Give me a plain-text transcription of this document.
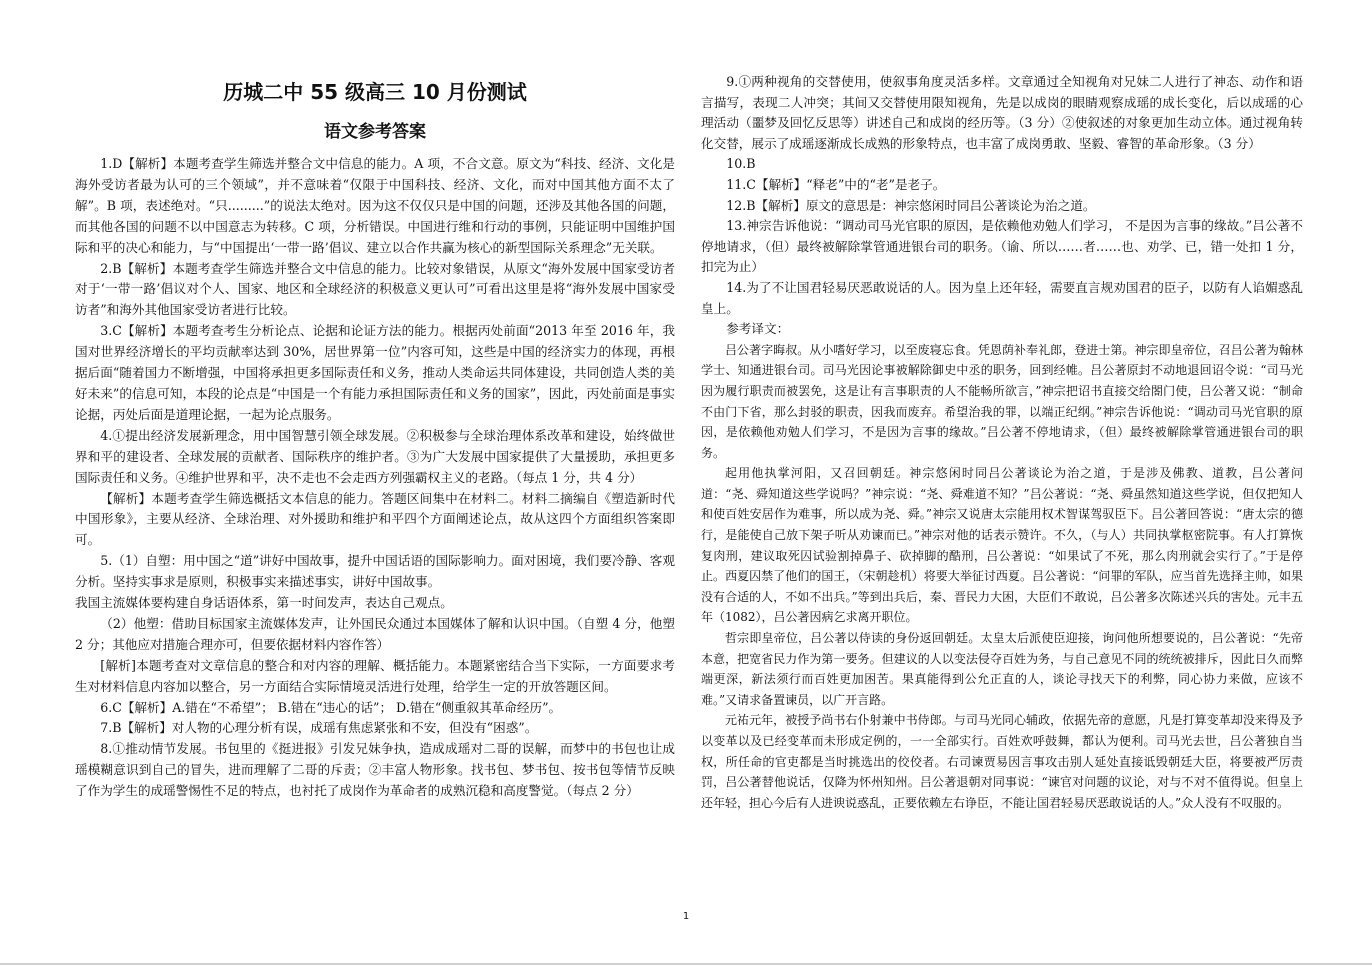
历城二中 55 级高三 10 月份测试
语文参考答案

1.D【解析】本题考查学生筛选并整合文中信息的能力。A 项，不合文意。原文为“科技、经济、文化是海外受访者最为认可的三个领域”，并不意味着“仅限于中国科技、经济、文化，而对中国其他方面不太了解”。B 项，表述绝对。“只.........”的说法太绝对。因为这不仅仅只是中国的问题，还涉及其他各国的问题，而其他各国的问题不以中国意志为转移。C 项，分析错误。中国进行维和行动的事例，只能证明中国维护国际和平的决心和能力，与“中国提出‘一带一路’倡议、建立以合作共赢为核心的新型国际关系理念”无关联。

2.B【解析】本题考查学生筛选并整合文中信息的能力。比较对象错误，从原文“海外发展中国家受访者对于‘一带一路’倡议对个人、国家、地区和全球经济的积极意义更认可”可看出这里是将“海外发展中国家受访者”和海外其他国家受访者进行比较。

3.C【解析】本题考查考生分析论点、论据和论证方法的能力。根据丙处前面“2013 年至 2016 年，我国对世界经济增长的平均贡献率达到 30%，居世界第一位”内容可知，这些是中国的经济实力的体现，再根据后面“随着国力不断增强，中国将承担更多国际责任和义务，推动人类命运共同体建设，共同创造人类的美好未来”的信息可知，本段的论点是“中国是一个有能力承担国际责任和义务的国家”，因此，丙处前面是事实论据，丙处后面是道理论据，一起为论点服务。

4.①提出经济发展新理念，用中国智慧引领全球发展。②积极参与全球治理体系改革和建设，始终做世界和平的建设者、全球发展的贡献者、国际秩序的维护者。③为广大发展中国家提供了大量援助，承担更多国际责任和义务。④维护世界和平，决不走也不会走西方列强霸权主义的老路。（每点 1 分，共 4 分）

【解析】本题考查学生筛选概括文本信息的能力。答题区间集中在材料二。材料二摘编自《塑造新时代中国形象》，主要从经济、全球治理、对外援助和维护和平四个方面阐述论点，故从这四个方面组织答案即可。

5.（1）自塑：用中国之“道”讲好中国故事，提升中国话语的国际影响力。面对困境，我们要冷静、客观分析。坚持实事求是原则，积极事实来描述事实，讲好中国故事。

我国主流媒体要构建自身话语体系，第一时间发声，表达自己观点。

（2）他塑：借助目标国家主流媒体发声，让外国民众通过本国媒体了解和认识中国。（自塑 4 分，他塑 2 分；其他应对措施合理亦可，但要依据材料内容作答）

[解析]本题考查对文章信息的整合和对内容的理解、概括能力。本题紧密结合当下实际，一方面要求考生对材料信息内容加以整合，另一方面结合实际情境灵活进行处理，给学生一定的开放答题区间。

6.C【解析】A.错在“不希望”； B.错在“违心的话”； D.错在“侧重叙其革命经历”。

7.B【解析】对人物的心理分析有误，成瑶有焦虑紧张和不安，但没有“困惑”。

8.①推动情节发展。书包里的《挺进报》引发兄妹争执，造成成瑶对二哥的误解，而梦中的书包也让成瑶模糊意识到自己的冒失，进而理解了二哥的斥责；②丰富人物形象。找书包、梦书包、按书包等情节反映了作为学生的成瑶警惕性不足的特点，也衬托了成岗作为革命者的成熟沉稳和高度警觉。（每点 2 分）

9.①两种视角的交替使用，使叙事角度灵活多样。文章通过全知视角对兄妹二人进行了神态、动作和语言描写，表现二人冲突；其间又交替使用限知视角，先是以成岗的眼睛观察成瑶的成长变化，后以成瑶的心理活动（噩梦及回忆反思等）讲述自己和成岗的经历等。（3 分）②使叙述的对象更加生动立体。通过视角转化交替，展示了成瑶逐渐成长成熟的形象特点，也丰富了成岗勇敢、坚毅、睿智的革命形象。（3 分）

10.B

11.C【解析】“释老”中的“老”是老子。

12.B【解析】原文的意思是：神宗悠闲时同吕公著谈论为治之道。

13.神宗告诉他说：“调动司马光官职的原因，是依赖他劝勉人们学习， 不是因为言事的缘故。”吕公著不停地请求，（但）最终被解除掌管通进银台司的职务。（谕、所以……者……也、劝学、已，错一处扣 1 分，扣完为止）

14.为了不让国君轻易厌恶敢说话的人。因为皇上还年轻，需要直言规劝国君的臣子，以防有人谄媚惑乱皇上。

参考译文：

吕公著字晦叔。从小嗜好学习，以至废寝忘食。凭恩荫补奉礼郎，登进士第。神宗即皇帝位，召吕公著为翰林学士、知通进银台司。司马光因论事被解除御史中丞的职务，回到经帷。吕公著原封不动地退回诏令说：“司马光因为履行职责而被罢免，这是让有言事职责的人不能畅所欲言，”神宗把诏书直接交给閤门使，吕公著又说：“制命不由门下省，那么封驳的职责，因我而废弃。希望治我的罪，以端正纪纲。”神宗告诉他说：“调动司马光官职的原因，是依赖他劝勉人们学习，不是因为言事的缘故。”吕公著不停地请求，（但）最终被解除掌管通进银台司的职务。

起用他执掌河阳，又召回朝廷。神宗悠闲时同吕公著谈论为治之道，于是涉及佛教、道教，吕公著问道：“尧、舜知道这些学说吗？”神宗说：“尧、舜难道不知？”吕公著说：“尧、舜虽然知道这些学说，但仅把知人和使百姓安居作为难事，所以成为尧、舜。”神宗又说唐太宗能用权术智谋驾驭臣下。吕公著回答说：“唐太宗的德行，是能使自己放下架子听从劝谏而已。”神宗对他的话表示赞许。不久，（与人）共同执掌枢密院事。有人打算恢复肉刑，建议取死囚试验割掉鼻子、砍掉脚的酷刑，吕公著说：“如果试了不死，那么肉刑就会实行了。”于是停止。西夏囚禁了他们的国王，（宋朝趁机）将要大举征讨西夏。吕公著说：“问罪的军队，应当首先选择主帅，如果没有合适的人，不如不出兵。”等到出兵后，秦、晋民力大困，大臣们不敢说，吕公著多次陈述兴兵的害处。元丰五年（1082），吕公著因病乞求离开职位。

哲宗即皇帝位，吕公著以侍读的身份返回朝廷。太皇太后派使臣迎接，询问他所想要说的，吕公著说：“先帝本意，把宽省民力作为第一要务。但建议的人以变法侵夺百姓为务，与自己意见不同的统统被排斥，因此日久而弊端更深，新法须行而百姓更加困苦。果真能得到公允正直的人，谈论寻找天下的利弊，同心协力来做，应该不难。”又请求备置谏员，以广开言路。

元祐元年，被授予尚书右仆射兼中书侍郎。与司马光同心辅政，依据先帝的意愿，凡是打算变革却没来得及予以变革以及已经变革而未形成定例的，一一全部实行。百姓欢呼鼓舞，都认为便利。司马光去世，吕公著独自当权，所任命的官吏都是当时挑选出的佼佼者。右司谏贾易因言事攻击别人延处直接诋毁朝廷大臣，将要被严厉责罚，吕公著替他说话，仅降为怀州知州。吕公著退朝对同事说：“谏官对问题的议论，对与不对不值得说。但皇上还年轻，担心今后有人进谀说惑乱，正要依赖左右诤臣，不能让国君轻易厌恶敢说话的人。”众人没有不叹服的。

1
